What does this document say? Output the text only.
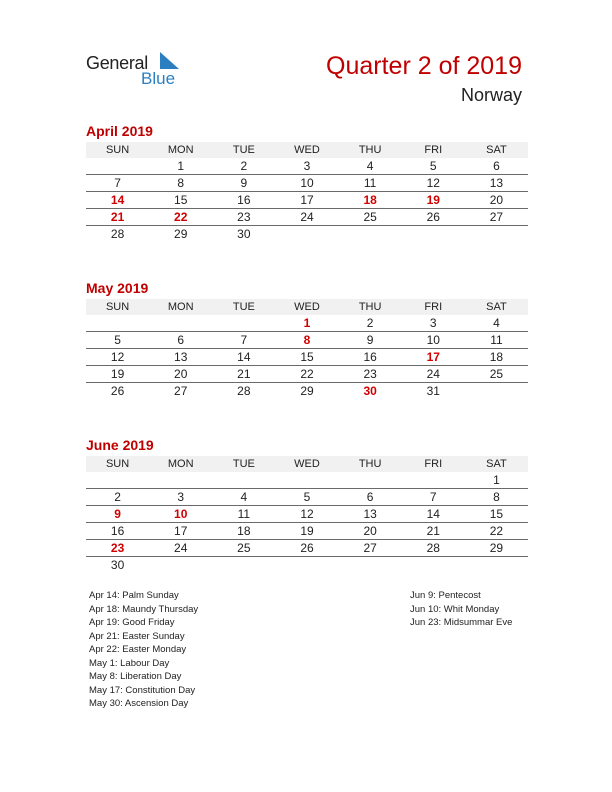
General
Blue	Quarter 2 of 2019
Norway
April 2019
SUN	MON	TUE	WED	THU	FRI	SAT
	1	2	3	4	5	6
7	8	9	10	11	12	13
14	15	16	17	18	19	20
21	22	23	24	25	26	27
28	29	30				
May 2019
SUN	MON	TUE	WED	THU	FRI	SAT
			1	2	3	4
5	6	7	8	9	10	11
12	13	14	15	16	17	18
19	20	21	22	23	24	25
26	27	28	29	30	31	
June 2019
SUN	MON	TUE	WED	THU	FRI	SAT
						1
2	3	4	5	6	7	8
9	10	11	12	13	14	15
16	17	18	19	20	21	22
23	24	25	26	27	28	29
30						
Apr 14: Palm Sunday
Apr 18: Maundy Thursday
Apr 19: Good Friday
Apr 21: Easter Sunday
Apr 22: Easter Monday
May 1: Labour Day
May 8: Liberation Day
May 17: Constitution Day
May 30: Ascension Day
Jun 9: Pentecost
Jun 10: Whit Monday
Jun 23: Midsummar Eve
